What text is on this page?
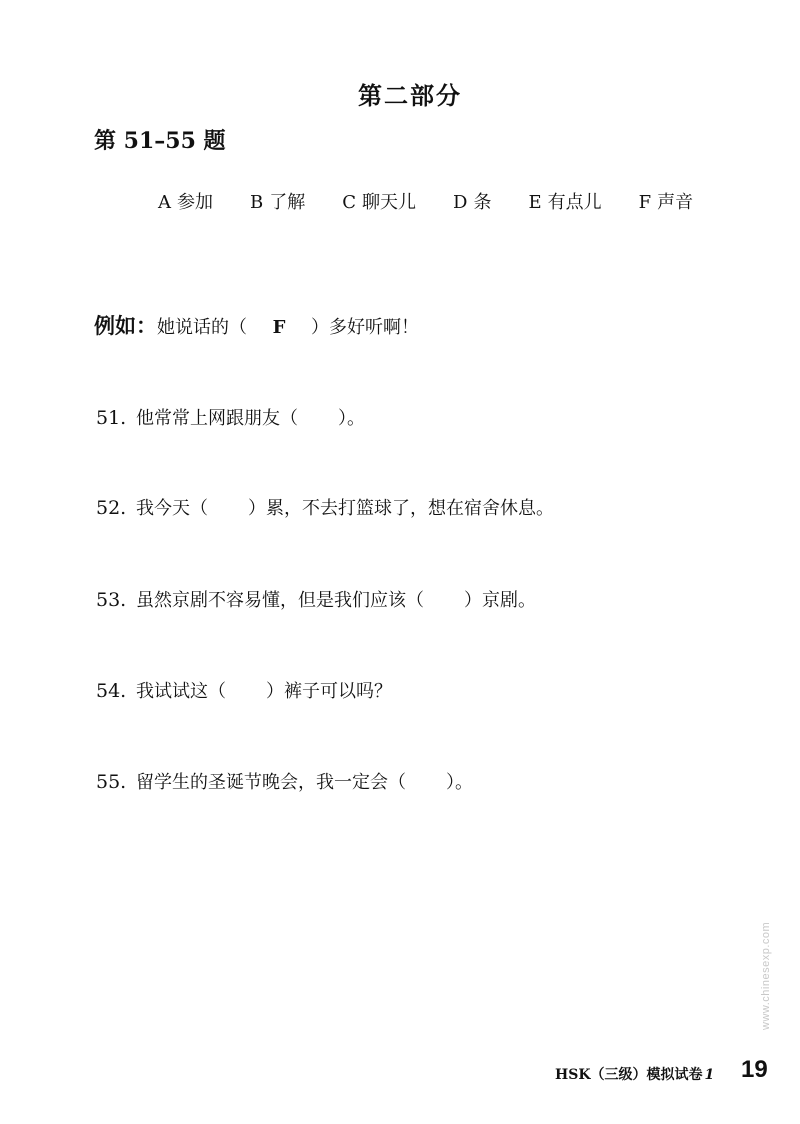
第二部分
第 51–55 题
A 参加 B 了解 C 聊天儿 D 条 E 有点儿 F 声音
例如：她说话的（ F ）多好听啊！
51. 他常常上网跟朋友（ ）。
52. 我今天（ ）累，不去打篮球了，想在宿舍休息。
53. 虽然京剧不容易懂，但是我们应该（ ）京剧。
54. 我试试这（ ）裤子可以吗？
55. 留学生的圣诞节晚会，我一定会（ ）。
www.chinesexp.com
HSK（三级）模拟试卷 1 19
